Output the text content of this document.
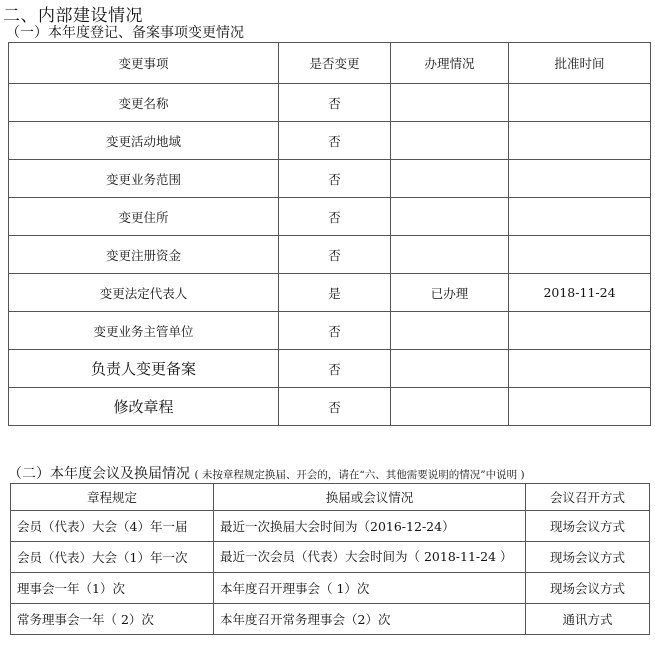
二、内部建设情况
（一）本年度登记、备案事项变更情况
变更事项	是否变更	办理情况	批准时间
变更名称	否		
变更活动地域	否		
变更业务范围	否		
变更住所	否		
变更注册资金	否		
变更法定代表人	是	已办理	2018-11-24
变更业务主管单位	否		
负责人变更备案	否		
修改章程	否		
（二）本年度会议及换届情况 ( 未按章程规定换届、开会的，请在“六、其他需要说明的情况”中说明 )
章程规定	换届或会议情况	会议召开方式
会员（代表）大会（4）年一届	最近一次换届大会时间为（2016-12-24）	现场会议方式
会员（代表）大会（1）年一次	最近一次会员（代表）大会时间为（ 2018-11-24 ）	现场会议方式
理事会一年（1）次	本年度召开理事会（ 1）次	现场会议方式
常务理事会一年（ 2）次	本年度召开常务理事会（2）次	通讯方式
